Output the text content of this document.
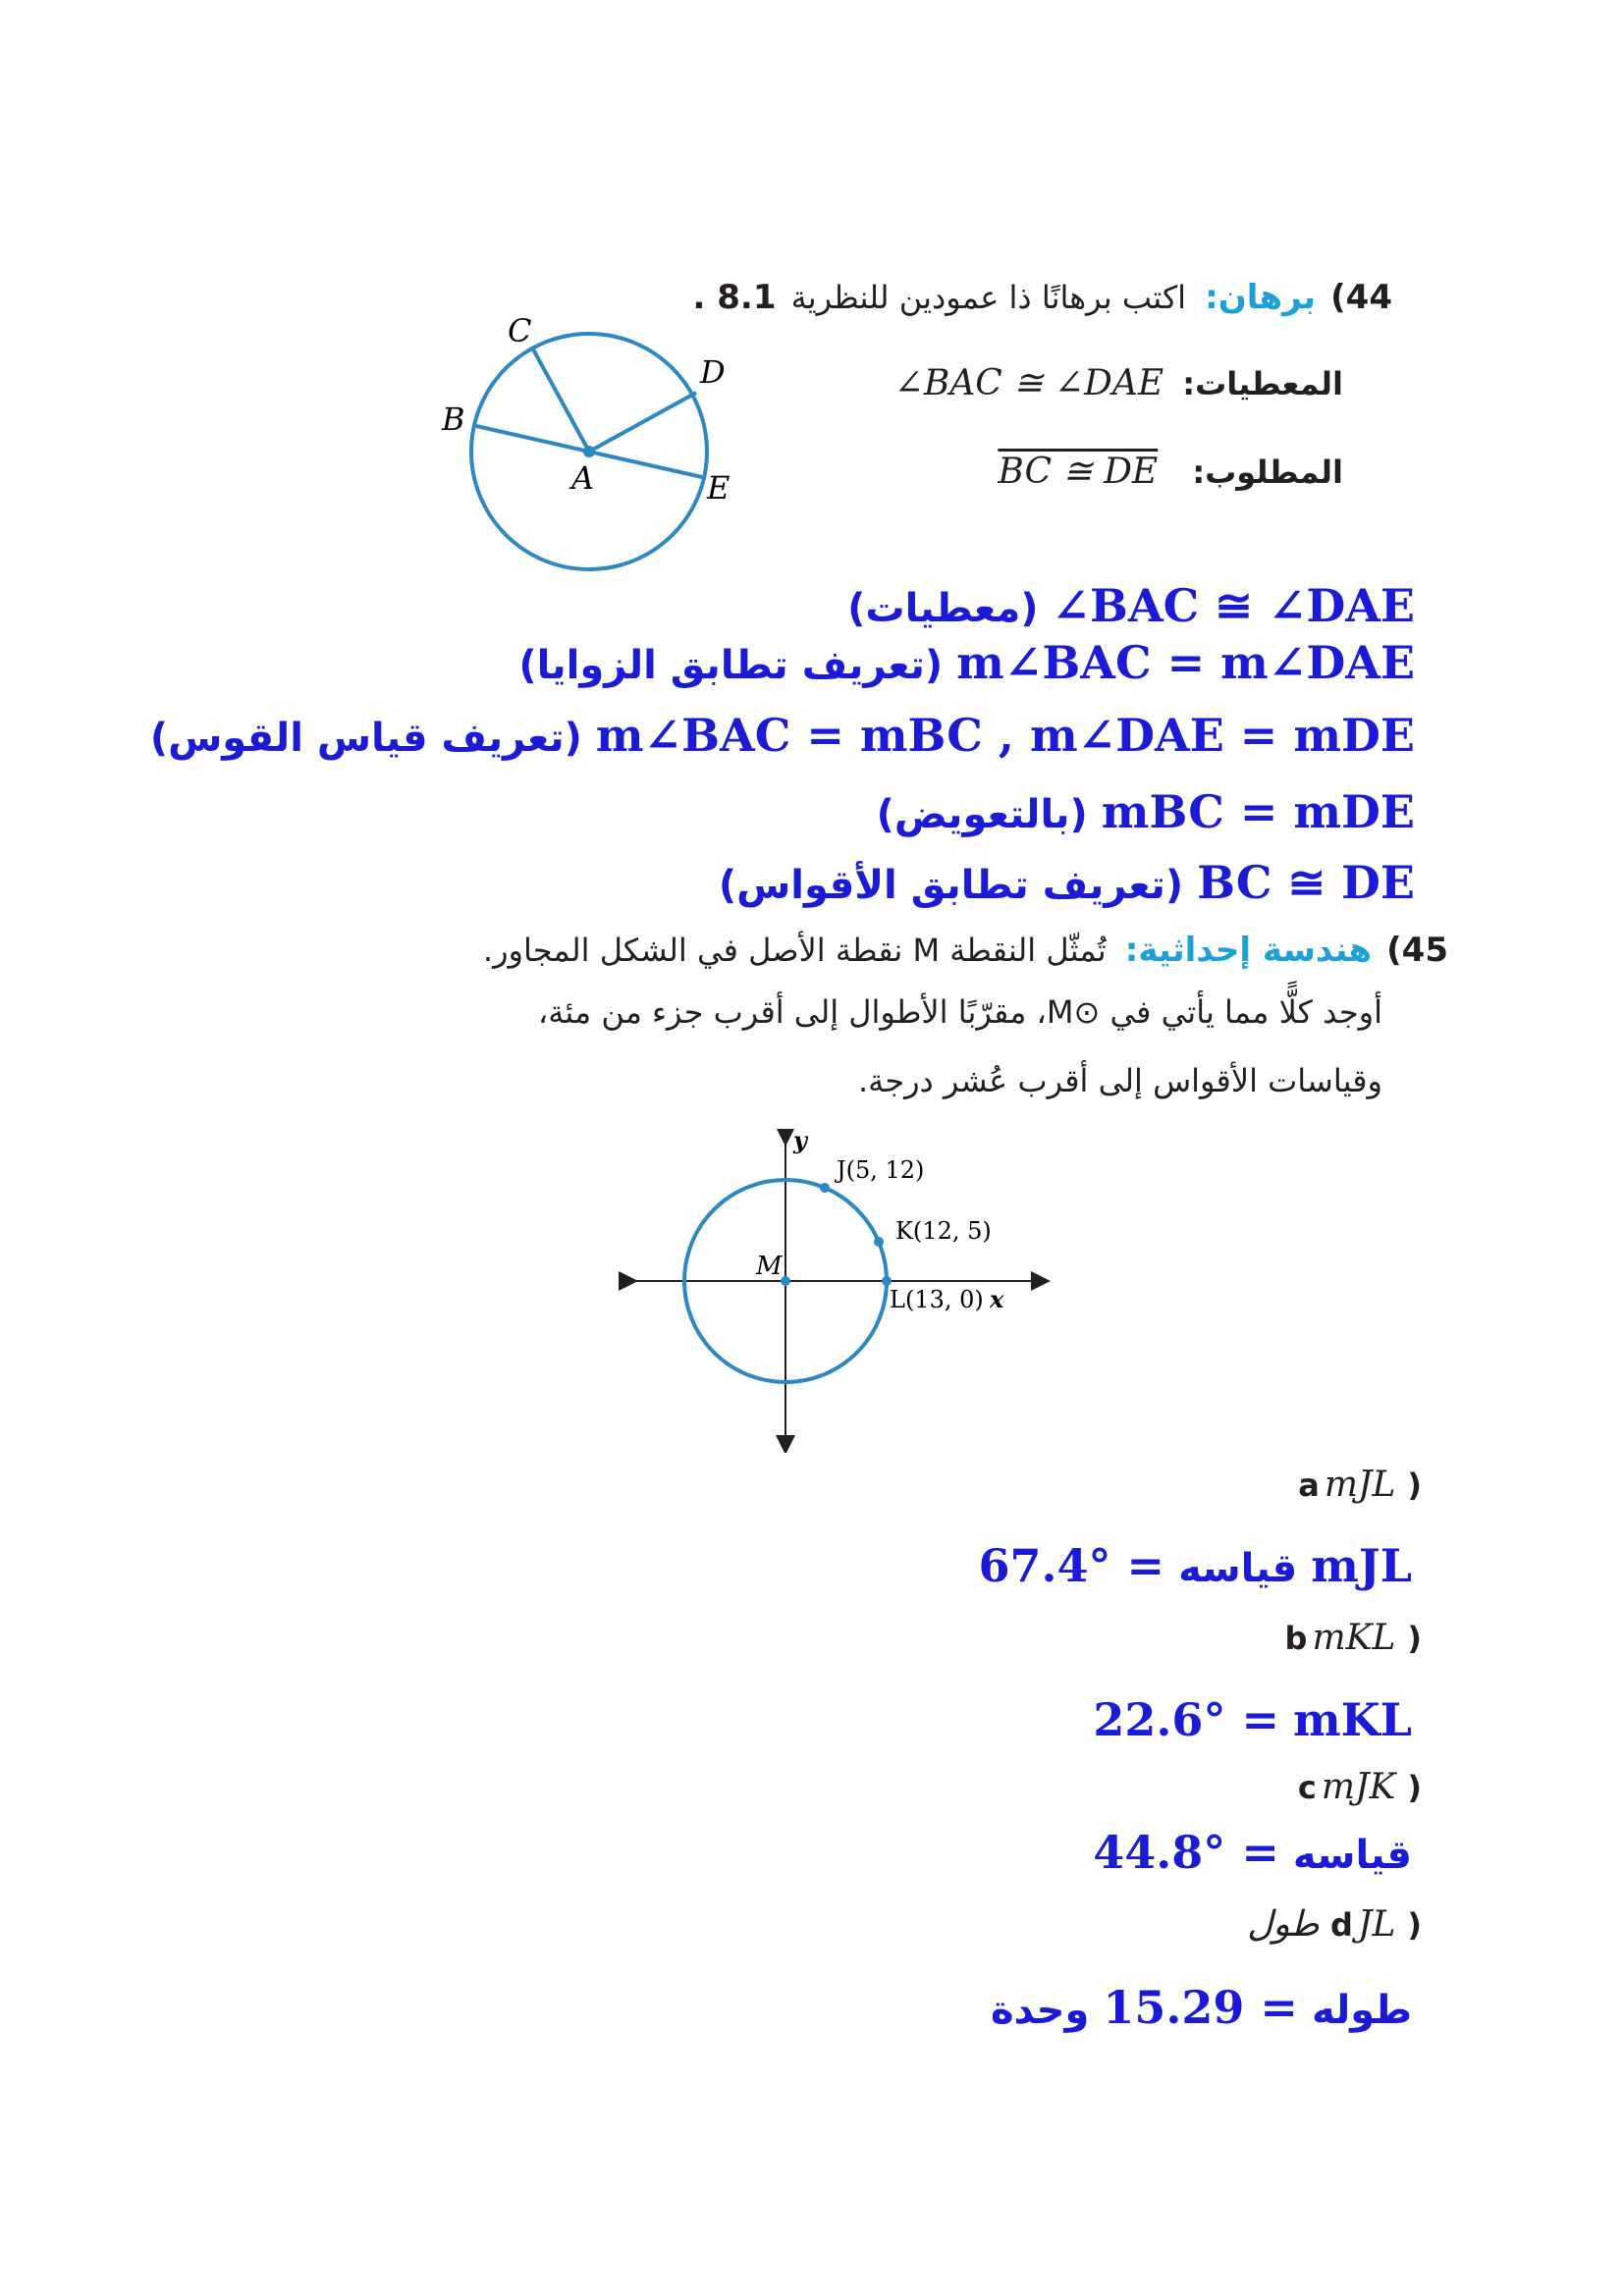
44) برهان: اكتب برهانًا ذا عمودين للنظرية 8.1 .
المعطيات: ∠BAC ≅ ∠DAE
المطلوب: BC ≅ DE
C
D
B
A	E
∠BAC ≅ ∠DAE
(معطيات)
m∠BAC = m∠DAE
(تعريف تطابق الزوايا)
m∠BAC = mBC , m∠DAE = mDE
(تعريف قياس القوس)
mBC = mDE
(بالتعويض)
BC ≅ DE
(تعريف تطابق الأقواس)
45) هندسة إحداثية: تُمثّل النقطة M نقطة الأصل في الشكل المجاور.
أوجد كلًّا مما يأتي في ⊙M، مقرّبًا الأطوال إلى أقرب جزء من مئة،
وقياسات الأقواس إلى أقرب عُشر درجة.
y
x
M
J(5, 12)
K(12, 5)
L(13, 0)
(a mJL
mJL
قياسه
67.4° =
(b mKL
mKL
22.6° =
(c mJK
قياسه
44.8° =
(d JL طول
طوله
15.29 =
وحدة
